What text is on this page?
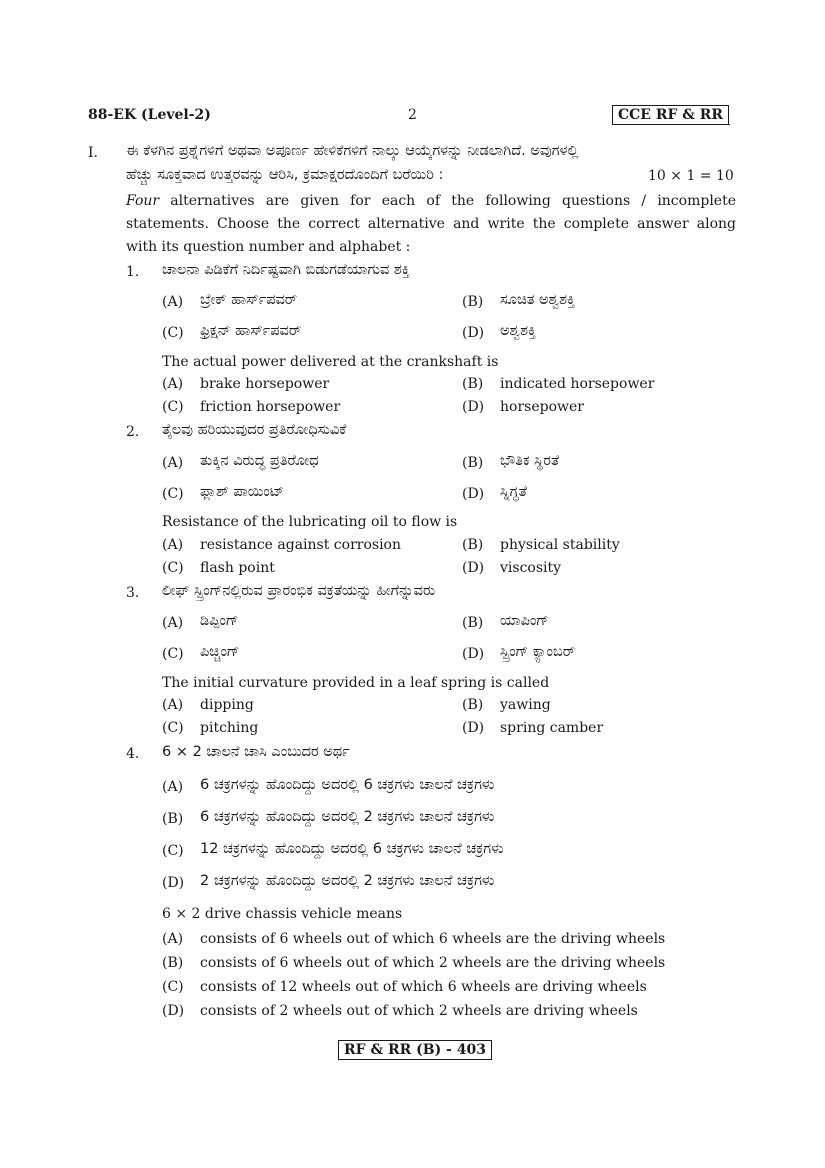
88-EK (Level-2)	2	CCE RF & RR
I. ಈ ಕೆಳಗಿನ ಪ್ರಶ್ನೆಗಳಿಗೆ ಅಥವಾ ಅಪೂರ್ಣ ಹೇಳಿಕೆಗಳಿಗೆ ನಾಲ್ಕು ಆಯ್ಕೆಗಳನ್ನು ನೀಡಲಾಗಿದೆ. ಅವುಗಳಲ್ಲಿ
ಹೆಚ್ಚು ಸೂಕ್ತವಾದ ಉತ್ತರವನ್ನು ಆರಿಸಿ, ಕ್ರಮಾಕ್ಷರದೊಂದಿಗೆ ಬರೆಯಿರಿ :	10 × 1 = 10
Four alternatives are given for each of the following questions / incomplete
statements. Choose the correct alternative and write the complete answer along
with its question number and alphabet :
1. ಚಾಲನಾ ಪಿಡಿಕೆಗೆ ನಿರ್ದಿಷ್ಟವಾಗಿ ಬಿಡುಗಡೆಯಾಗುವ ಶಕ್ತಿ
(A) ಬ್ರೇಕ್ ಹಾರ್ಸ್‌ಪವರ್	(B) ಸೂಚಿತ ಅಶ್ವಶಕ್ತಿ
(C) ಫ್ರಿಕ್ಷನ್ ಹಾರ್ಸ್‌ಪವರ್	(D) ಅಶ್ವಶಕ್ತಿ
The actual power delivered at the crankshaft is
(A) brake horsepower	(B) indicated horsepower
(C) friction horsepower	(D) horsepower
2. ತೈಲವು ಹರಿಯುವುದರ ಪ್ರತಿರೋಧಿಸುವಿಕೆ
(A) ತುಕ್ಕಿನ ವಿರುದ್ಧ ಪ್ರತಿರೋಧ	(B) ಭೌತಿಕ ಸ್ಥಿರತೆ
(C) ಫ್ಲಾಶ್ ಪಾಯಿಂಟ್	(D) ಸ್ನಿಗ್ಧತೆ
Resistance of the lubricating oil to flow is
(A) resistance against corrosion	(B) physical stability
(C) flash point	(D) viscosity
3. ಲೀಫ್ ಸ್ಪ್ರಿಂಗ್‌ನಲ್ಲಿರುವ ಪ್ರಾರಂಭಿಕ ವಕ್ರತೆಯನ್ನು ಹೀಗೆನ್ನುವರು
(A) ಡಿಪ್ಪಿಂಗ್	(B) ಯಾಪಿಂಗ್
(C) ಪಿಚ್ಚಿಂಗ್	(D) ಸ್ಪ್ರಿಂಗ್ ಕ್ಯಾಂಬರ್
The initial curvature provided in a leaf spring is called
(A) dipping	(B) yawing
(C) pitching	(D) spring camber
4. 6 × 2 ಚಾಲನೆ ಚಾಸಿ ಎಂಬುದರ ಅರ್ಥ
(A) 6 ಚಕ್ರಗಳನ್ನು ಹೊಂದಿದ್ದು ಅದರಲ್ಲಿ 6 ಚಕ್ರಗಳು ಚಾಲನೆ ಚಕ್ರಗಳು
(B) 6 ಚಕ್ರಗಳನ್ನು ಹೊಂದಿದ್ದು ಅದರಲ್ಲಿ 2 ಚಕ್ರಗಳು ಚಾಲನೆ ಚಕ್ರಗಳು
(C) 12 ಚಕ್ರಗಳನ್ನು ಹೊಂದಿದ್ದು ಅದರಲ್ಲಿ 6 ಚಕ್ರಗಳು ಚಾಲನೆ ಚಕ್ರಗಳು
(D) 2 ಚಕ್ರಗಳನ್ನು ಹೊಂದಿದ್ದು ಅದರಲ್ಲಿ 2 ಚಕ್ರಗಳು ಚಾಲನೆ ಚಕ್ರಗಳು
6 × 2 drive chassis vehicle means
(A) consists of 6 wheels out of which 6 wheels are the driving wheels
(B) consists of 6 wheels out of which 2 wheels are the driving wheels
(C) consists of 12 wheels out of which 6 wheels are driving wheels
(D) consists of 2 wheels out of which 2 wheels are driving wheels
RF & RR (B) - 403
